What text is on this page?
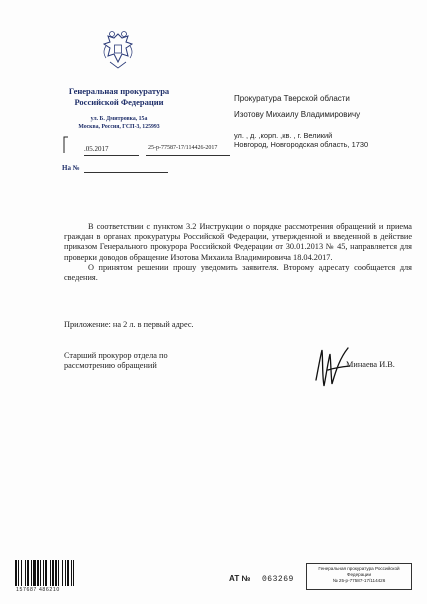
Генеральная прокуратура
Российской Федерации
ул. Б. Дмитровка, 15а
Москва, Россия, ГСП-3, 125993
.05.2017	25-р-77587-17/114426-2017
На №
Прокуратура Тверской области
Изотову Михаилу Владимировичу
ул. , д. ,корп. ,кв. , г. Великий
Новгород, Новгородская область, 1730

В соответствии с пунктом 3.2 Инструкции о порядке рассмотрения обращений и приема граждан в органах прокуратуры Российской Федерации, утвержденной и введенной в действие приказом Генерального прокурора Российской Федерации от 30.01.2013 № 45, направляется для проверки доводов обращение Изотова Михаила Владимировича 18.04.2017.

О принятом решении прошу уведомить заявителя. Второму адресату сообщается для сведения.

Приложение: на 2 л. в первый адрес.
Старший прокурор отдела по
рассмотрению обращений	Минаева И.В.
157687 486210
АТ № 063269
Генеральная прокуратура Российской
Федерации
№ 25-р-77587-17/114426
